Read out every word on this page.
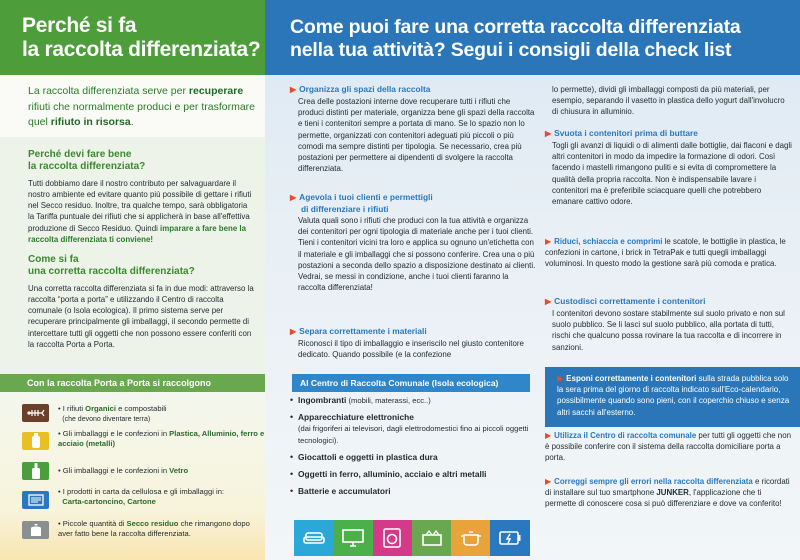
Perché si fa
la raccolta differenziata?
La raccolta differenziata serve per recuperare rifiuti che normalmente produci e per trasformare quel rifiuto in risorsa.
Perché devi fare bene
la raccolta differenziata?
Tutti dobbiamo dare il nostro contributo per salvaguardare il nostro ambiente ed evitare quanto più possibile di gettare i rifiuti nel Secco residuo. Inoltre, tra qualche tempo, sarà obbligatoria la Tariffa puntuale dei rifiuti che si applicherà in base all'effettiva produzione di Secco Residuo. Quindi imparare a fare bene la raccolta differenziata ti conviene!
Come si fa
una corretta raccolta differenziata?
Una corretta raccolta differenziata si fa in due modi: attraverso la raccolta “porta a porta” e utilizzando il Centro di raccolta comunale (o Isola ecologica). Il primo sistema serve per recuperare principalmente gli imballaggi, il secondo permette di intercettare tutti gli oggetti che non possono essere conferiti con la raccolta Porta a Porta.
Con la raccolta Porta a Porta si raccolgono
• I rifiuti Organici e compostabili
(che devono diventare terra)
• Gli imballaggi e le confezioni in Plastica, Alluminio, ferro e acciaio (metalli)
• Gli imballaggi e le confezioni in Vetro
• I prodotti in carta da cellulosa e gli imballaggi in:
Carta-cartoncino, Cartone
• Piccole quantità di Secco residuo che rimangono dopo aver fatto bene la raccolta differenziata.
Come puoi fare una corretta raccolta differenziata
nella tua attività? Segui i consigli della check list
▶ Organizza gli spazi della raccolta
Crea delle postazioni interne dove recuperare tutti i rifiuti che produci distinti per materiale, organizza bene gli spazi della raccolta e tieni i contenitori sempre a portata di mano. Se lo spazio non lo permette, organizzati con contenitori adeguati più piccoli o più comodi ma sempre distinti per tipologia. Se necessario, crea più postazioni per permettere ai dipendenti di svolgere la raccolta differenziata.
▶ Agevola i tuoi clienti e permettigli
di differenziare i rifiuti
Valuta quali sono i rifiuti che produci con la tua attività e organizza dei contenitori per ogni tipologia di materiale anche per i tuoi clienti. Tieni i contenitori vicini tra loro e applica su ognuno un'etichetta con il materiale e gli imballaggi che si possono conferire. Crea una o più postazioni a seconda dello spazio a disposizione destinato ai clienti. Vedrai, se messi in condizione, anche i tuoi clienti faranno la raccolta differenziata!
▶ Separa correttamente i materiali
Riconosci il tipo di imballaggio e inseriscilo nel giusto contenitore dedicato. Quando possibile (e la confezione
Al Centro di Raccolta Comunale (Isola ecologica)
• Ingombranti (mobili, materassi, ecc..)
• Apparecchiature elettroniche
(dai frigoriferi ai televisori, dagli elettrodomestici fino ai piccoli oggetti tecnologici).
• Giocattoli e oggetti in plastica dura
• Oggetti in ferro, alluminio, acciaio e altri metalli
• Batterie e accumulatori
lo permette), dividi gli imballaggi composti da più materiali, per esempio, separando il vasetto in plastica dello yogurt dall'involucro di chiusura in alluminio.
▶ Svuota i contenitori prima di buttare
Togli gli avanzi di liquidi o di alimenti dalle bottiglie, dai flaconi e dagli altri contenitori in modo da impedire la formazione di odori. Così facendo i mastelli rimangono puliti e si evita di compromettere la qualità della propria raccolta. Non è indispensabile lavare i contenitori ma è preferibile sciacquare quelli che potrebbero emanare cattivo odore.
▶ Riduci, schiaccia e comprimi le scatole, le bottiglie in plastica, le confezioni in cartone, i brick in TetraPak e tutti quegli imballaggi voluminosi. In questo modo la gestione sarà più comoda e pratica.
▶ Custodisci correttamente i contenitori
I contenitori devono sostare stabilmente sul suolo privato e non sul suolo pubblico. Se li lasci sul suolo pubblico, alla portata di tutti, rischi che qualcuno possa rovinare la tua raccolta e di incorrere in sanzioni.
▶ Esponi correttamente i contenitori sulla strada pubblica solo la sera prima del giorno di raccolta indicato sull'Eco-calendario, possibilmente quando sono pieni, con il coperchio chiuso e senza altri sacchi all'esterno.
▶ Utilizza il Centro di raccolta comunale per tutti gli oggetti che non è possibile conferire con il sistema della raccolta domiciliare porta a porta.
▶ Correggi sempre gli errori nella raccolta differenziata e ricordati di installare sul tuo smartphone JUNKER, l'applicazione che ti permette di conoscere cosa si può differenziare e dove va conferito!
